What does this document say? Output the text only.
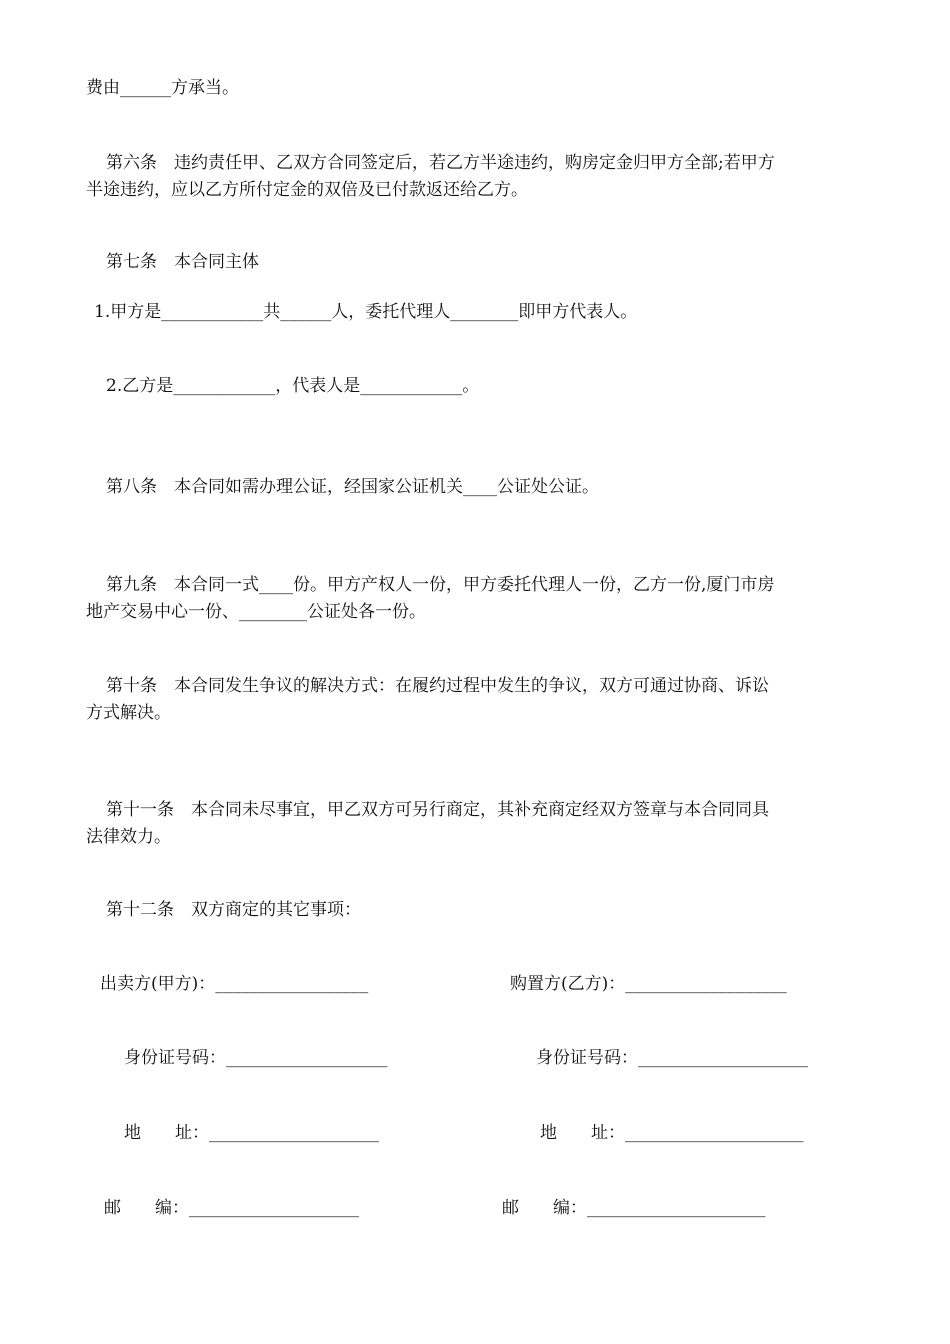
费由______方承当。
第六条　违约责任甲、乙双方合同签定后，若乙方半途违约，购房定金归甲方全部;若甲方
半途违约，应以乙方所付定金的双倍及已付款返还给乙方。
第七条　本合同主体
1.甲方是____________共______人，委托代理人________即甲方代表人。
2.乙方是____________，代表人是____________。
第八条　本合同如需办理公证，经国家公证机关____公证处公证。
第九条　本合同一式____份。甲方产权人一份，甲方委托代理人一份，乙方一份,厦门市房
地产交易中心一份、________公证处各一份。
第十条　本合同发生争议的解决方式：在履约过程中发生的争议，双方可通过协商、诉讼
方式解决。
第十一条　本合同未尽事宜，甲乙双方可另行商定，其补充商定经双方签章与本合同同具
法律效力。
第十二条　双方商定的其它事项：
出卖方(甲方)：__________________	购置方(乙方)：___________________
身份证号码：___________________	身份证号码：____________________
地　　址：____________________	地　　址：_____________________
邮　　编：____________________	邮　　编：_____________________
